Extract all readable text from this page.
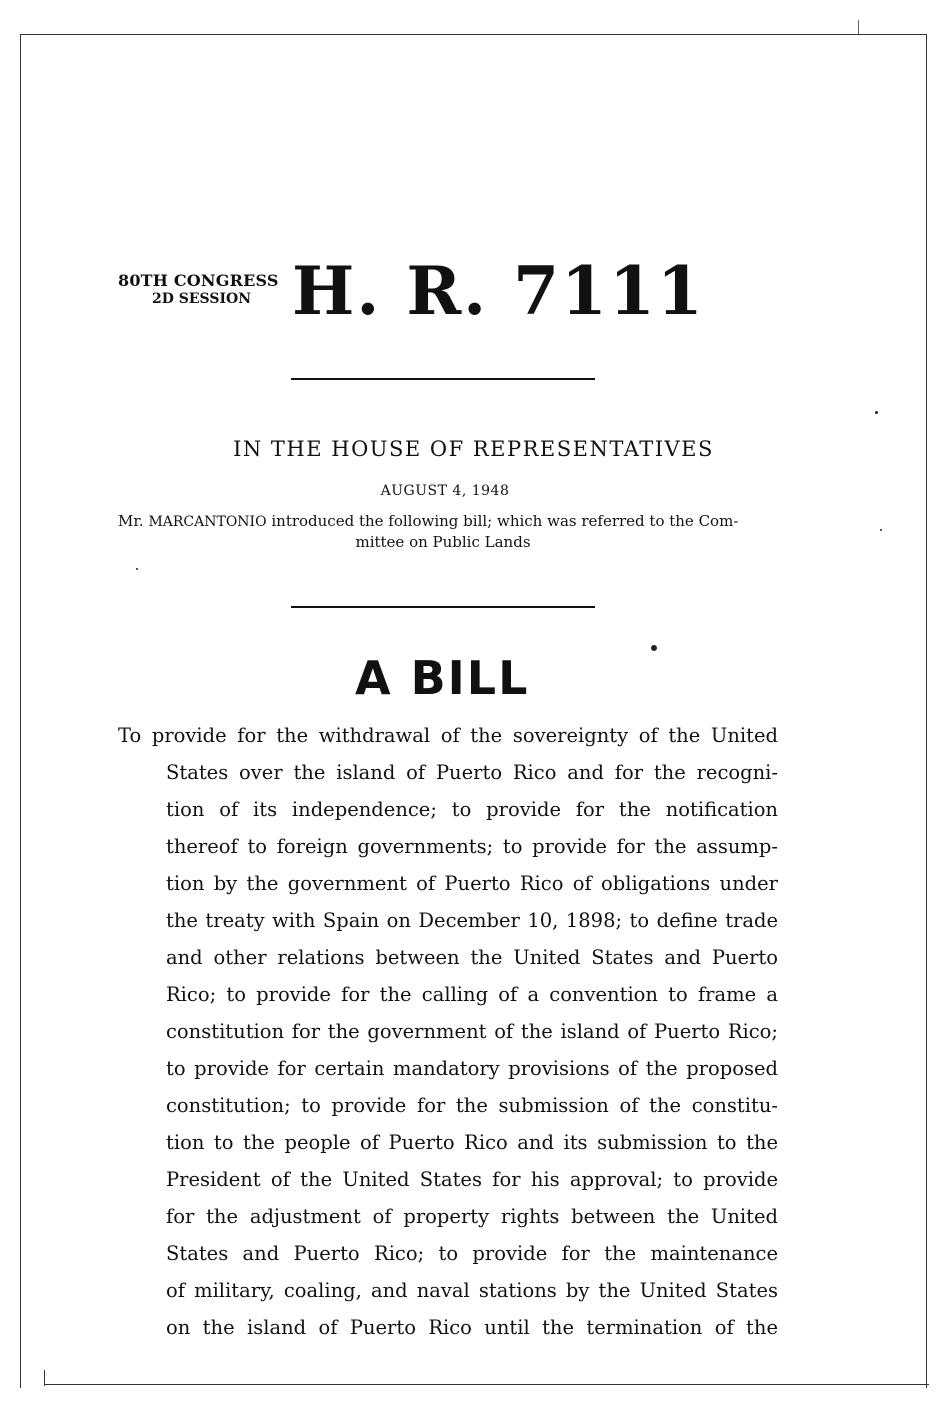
80TH CONGRESS
2D SESSION H. R. 7111
IN THE HOUSE OF REPRESENTATIVES
AUGUST 4, 1948
Mr. MARCANTONIO introduced the following bill; which was referred to the Com-
mittee on Public Lands
A BILL
To provide for the withdrawal of the sovereignty of the United
States over the island of Puerto Rico and for the recogni-
tion of its independence; to provide for the notification
thereof to foreign governments; to provide for the assump-
tion by the government of Puerto Rico of obligations under
the treaty with Spain on December 10, 1898; to define trade
and other relations between the United States and Puerto
Rico; to provide for the calling of a convention to frame a
constitution for the government of the island of Puerto Rico;
to provide for certain mandatory provisions of the proposed
constitution; to provide for the submission of the constitu-
tion to the people of Puerto Rico and its submission to the
President of the United States for his approval; to provide
for the adjustment of property rights between the United
States and Puerto Rico; to provide for the maintenance
of military, coaling, and naval stations by the United States
on the island of Puerto Rico until the termination of the
